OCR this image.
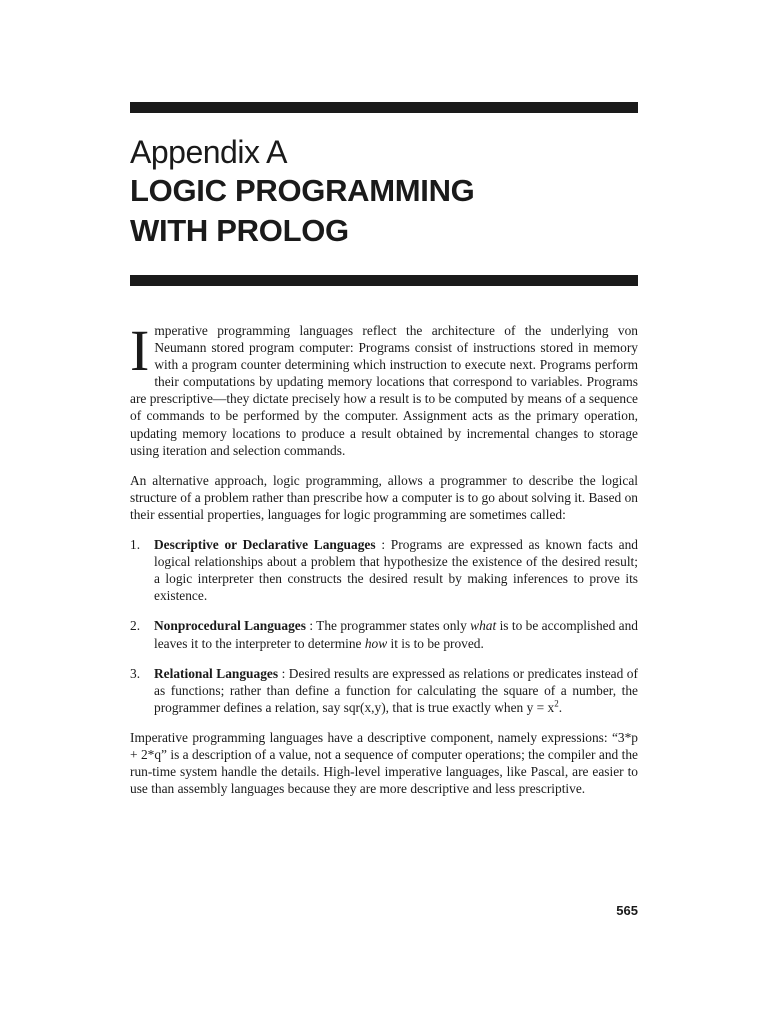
Appendix A
LOGIC PROGRAMMING
WITH PROLOG

Imperative programming languages reflect the architecture of the underlying von Neumann stored program computer: Programs consist of instructions stored in memory with a program counter determining which instruction to execute next. Programs perform their computations by updating memory locations that correspond to variables. Programs are prescriptive—they dictate precisely how a result is to be computed by means of a sequence of commands to be performed by the computer. Assignment acts as the primary operation, updating memory locations to produce a result obtained by incremental changes to storage using iteration and selection commands.

An alternative approach, logic programming, allows a programmer to describe the logical structure of a problem rather than prescribe how a computer is to go about solving it. Based on their essential properties, languages for logic programming are sometimes called:

1.	Descriptive or Declarative Languages : Programs are expressed as known facts and logical relationships about a problem that hypothesize the existence of the desired result; a logic interpreter then constructs the desired result by making inferences to prove its existence.
2.	Nonprocedural Languages : The programmer states only what is to be accomplished and leaves it to the interpreter to determine how it is to be proved.
3.	Relational Languages : Desired results are expressed as relations or predicates instead of as functions; rather than define a function for calculating the square of a number, the programmer defines a relation, say sqr(x,y), that is true exactly when $y = x^2$.

Imperative programming languages have a descriptive component, namely expressions: “3*p + 2*q” is a description of a value, not a sequence of computer operations; the compiler and the run-time system handle the details. High-level imperative languages, like Pascal, are easier to use than assembly languages because they are more descriptive and less prescriptive.

565
